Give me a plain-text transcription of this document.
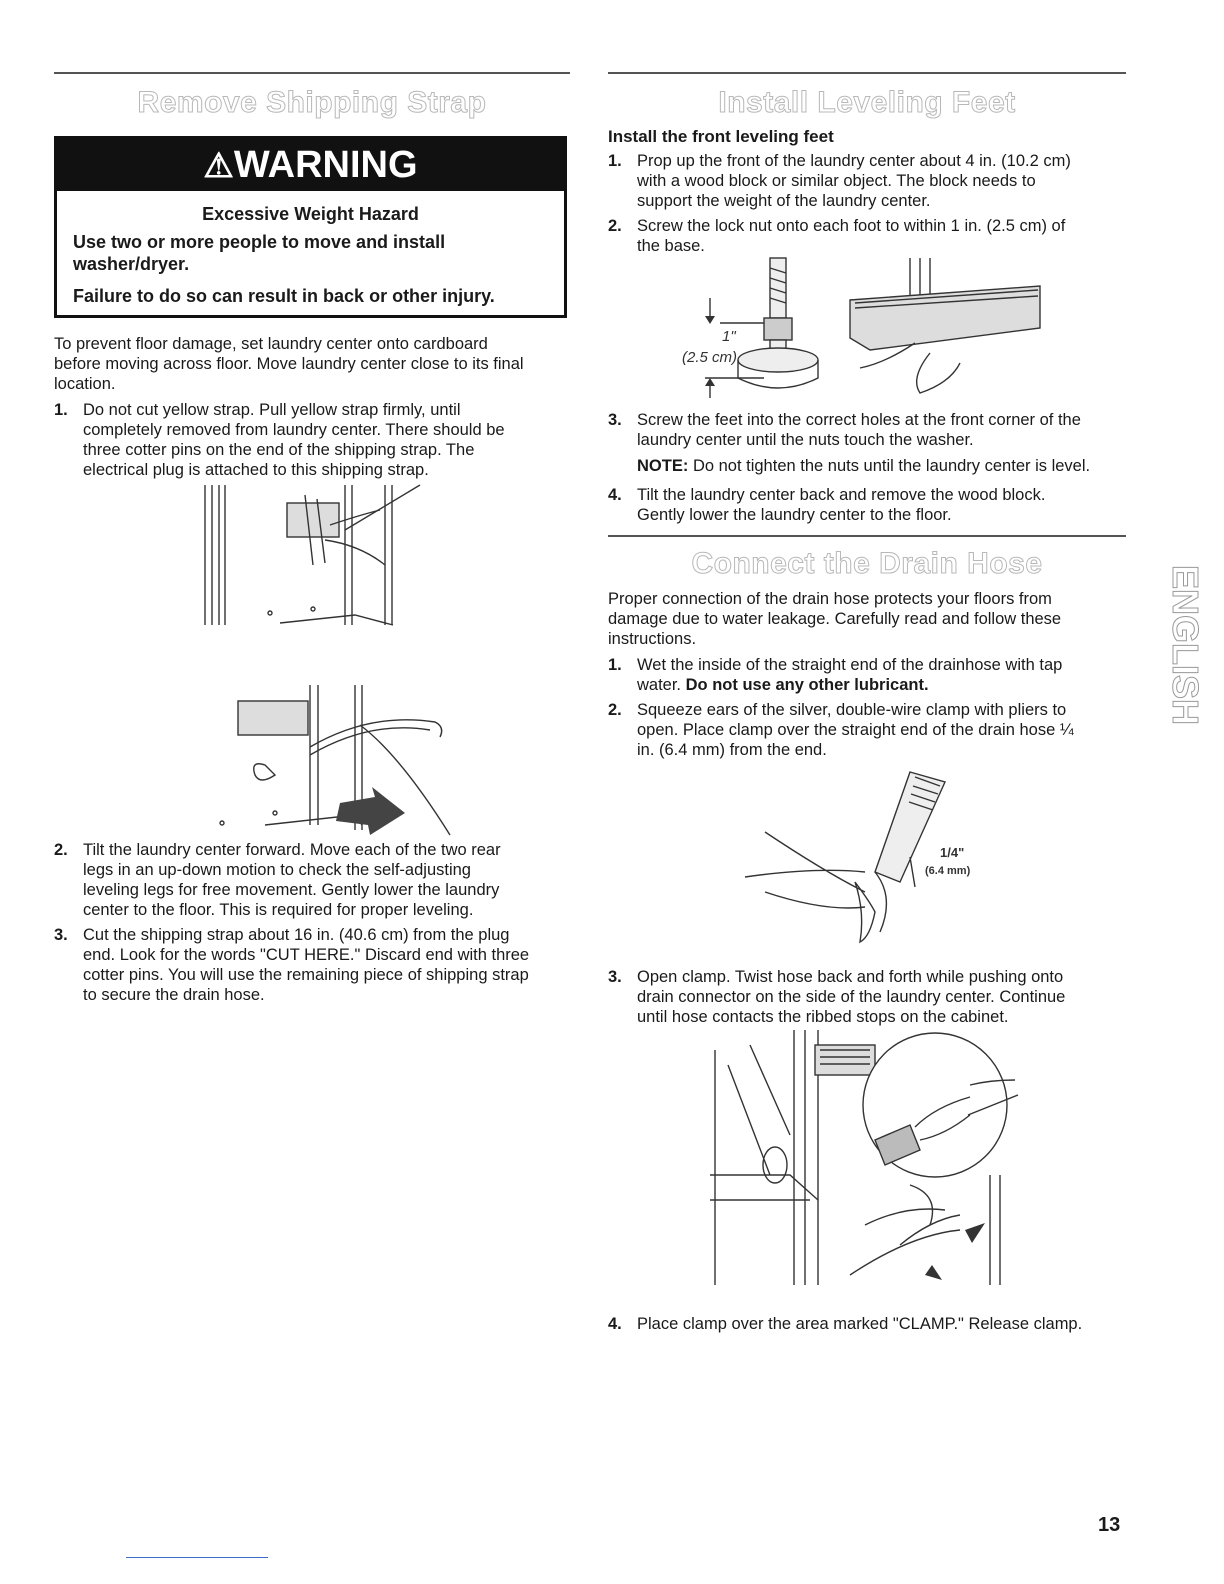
Remove Shipping Strap
⚠WARNING
Excessive Weight Hazard
Use two or more people to move and install
washer/dryer.
Failure to do so can result in back or other injury.
To prevent floor damage, set laundry center onto cardboard
before moving across floor. Move laundry center close to its final
location.
1. Do not cut yellow strap. Pull yellow strap firmly, until
completely removed from laundry center. There should be
three cotter pins on the end of the shipping strap. The
electrical plug is attached to this shipping strap.
2. Tilt the laundry center forward. Move each of the two rear
legs in an up-down motion to check the self-adjusting
leveling legs for free movement. Gently lower the laundry
center to the floor. This is required for proper leveling.
3. Cut the shipping strap about 16 in. (40.6 cm) from the plug
end. Look for the words "CUT HERE." Discard end with three
cotter pins. You will use the remaining piece of shipping strap
to secure the drain hose.
Install Leveling Feet
Install the front leveling feet
1. Prop up the front of the laundry center about 4 in. (10.2 cm)
with a wood block or similar object. The block needs to
support the weight of the laundry center.
2. Screw the lock nut onto each foot to within 1 in. (2.5 cm) of
the base.
1"
(2.5 cm)
3. Screw the feet into the correct holes at the front corner of the
laundry center until the nuts touch the washer.
NOTE: Do not tighten the nuts until the laundry center is level.
4. Tilt the laundry center back and remove the wood block.
Gently lower the laundry center to the floor.
Connect the Drain Hose
Proper connection of the drain hose protects your floors from
damage due to water leakage. Carefully read and follow these
instructions.
1. Wet the inside of the straight end of the drainhose with tap
water. Do not use any other lubricant.
2. Squeeze ears of the silver, double-wire clamp with pliers to
open. Place clamp over the straight end of the drain hose ¼
in. (6.4 mm) from the end.
1/4"
(6.4 mm)
3. Open clamp. Twist hose back and forth while pushing onto
drain connector on the side of the laundry center. Continue
until hose contacts the ribbed stops on the cabinet.
4. Place clamp over the area marked "CLAMP." Release clamp.
ENGLISH
13
